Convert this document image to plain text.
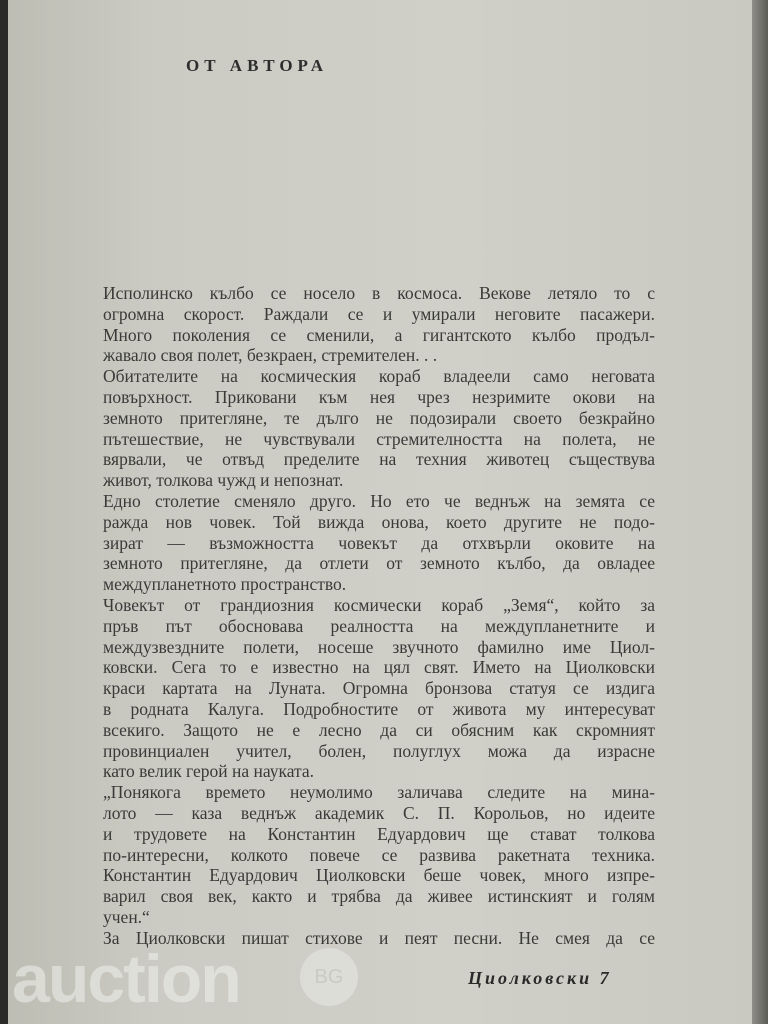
ОТ АВТОРА
Исполинско кълбо се носело в космоса. Векове летяло то с
огромна скорост. Раждали се и умирали неговите пасажери.
Много поколения се сменили, а гигантското кълбо продъл-
жавало своя полет, безкраен, стремителен. . .
Обитателите на космическия кораб владеели само неговата
повърхност. Приковани към нея чрез незримите окови на
земното притегляне, те дълго не подозирали своето безкрайно
пътешествие, не чувствували стремителността на полета, не
вярвали, че отвъд пределите на техния животец съществува
живот, толкова чужд и непознат.
Едно столетие сменяло друго. Но ето че веднъж на земята се
ражда нов човек. Той вижда онова, което другите не подо-
зират — възможността човекът да отхвърли оковите на
земното притегляне, да отлети от земното кълбо, да овладее
междупланетното пространство.
Човекът от грандиозния космически кораб „Земя“, който за
пръв път обосновава реалността на междупланетните и
междузвездните полети, носеше звучното фамилно име Циол-
ковски. Сега то е известно на цял свят. Името на Циолковски
краси картата на Луната. Огромна бронзова статуя се издига
в родната Калуга. Подробностите от живота му интересуват
всекиго. Защото не е лесно да си обясним как скромният
провинциален учител, болен, полуглух можа да израсне
като велик герой на науката.
„Понякога времето неумолимо заличава следите на мина-
лото — каза веднъж академик С. П. Корольов, но идеите
и трудовете на Константин Едуардович ще стават толкова
по-интересни, колкото повече се развива ракетната техника.
Константин Едуардович Циолковски беше човек, много изпре-
варил своя век, както и трябва да живее истинският и голям
учен.“
За Циолковски пишат стихове и пеят песни. Не смея да се
auction	BG	Циолковски 7
